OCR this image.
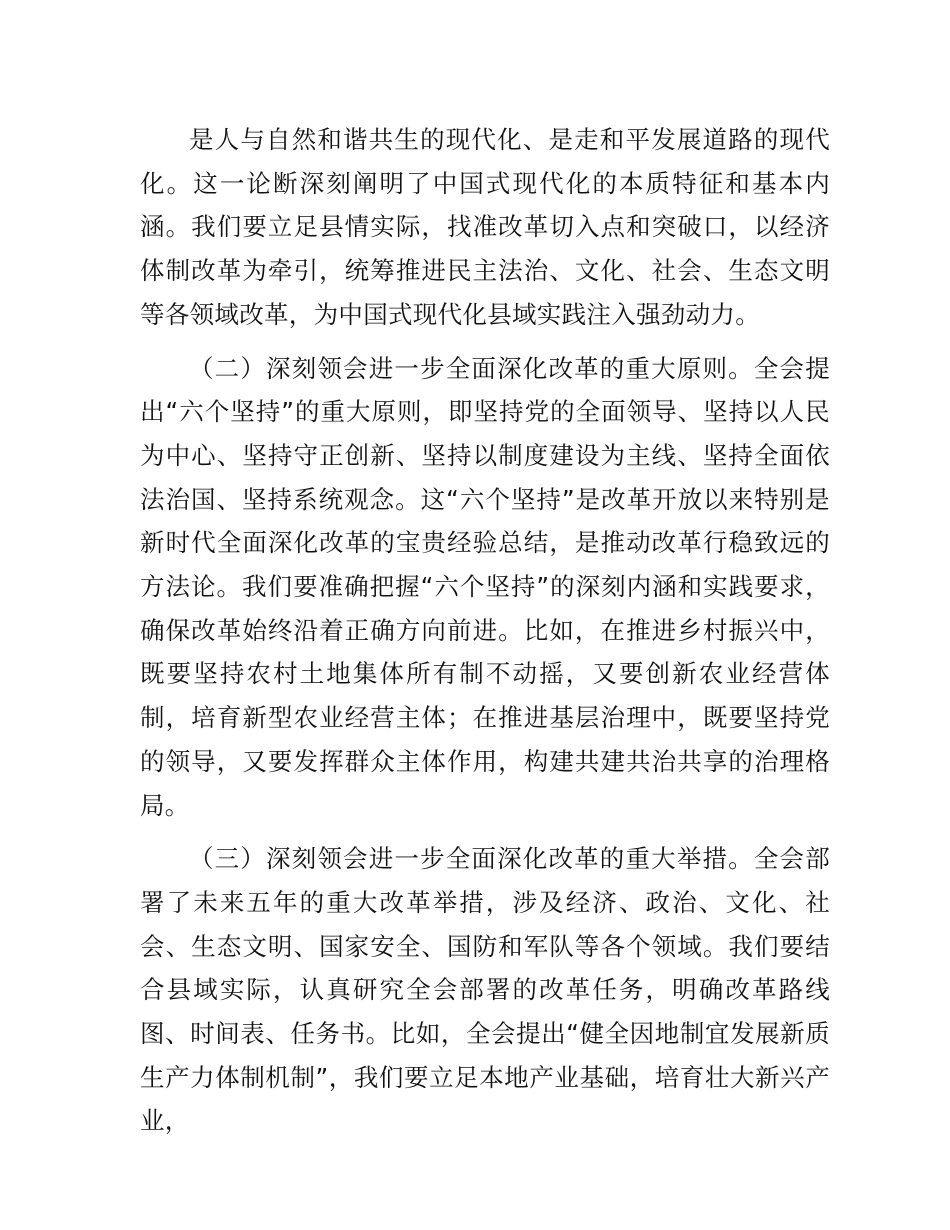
是人与自然和谐共生的现代化、是走和平发展道路的现代化。这一论断深刻阐明了中国式现代化的本质特征和基本内涵。我们要立足县情实际，找准改革切入点和突破口，以经济体制改革为牵引，统筹推进民主法治、文化、社会、生态文明等各领域改革，为中国式现代化县域实践注入强劲动力。

（二）深刻领会进一步全面深化改革的重大原则。全会提出“六个坚持”的重大原则，即坚持党的全面领导、坚持以人民为中心、坚持守正创新、坚持以制度建设为主线、坚持全面依法治国、坚持系统观念。这“六个坚持”是改革开放以来特别是新时代全面深化改革的宝贵经验总结，是推动改革行稳致远的方法论。我们要准确把握“六个坚持”的深刻内涵和实践要求，确保改革始终沿着正确方向前进。比如，在推进乡村振兴中，既要坚持农村土地集体所有制不动摇，又要创新农业经营体制，培育新型农业经营主体；在推进基层治理中，既要坚持党的领导，又要发挥群众主体作用，构建共建共治共享的治理格局。

（三）深刻领会进一步全面深化改革的重大举措。全会部署了未来五年的重大改革举措，涉及经济、政治、文化、社会、生态文明、国家安全、国防和军队等各个领域。我们要结合县域实际，认真研究全会部署的改革任务，明确改革路线图、时间表、任务书。比如，全会提出“健全因地制宜发展新质生产力体制机制”，我们要立足本地产业基础，培育壮大新兴产业，
